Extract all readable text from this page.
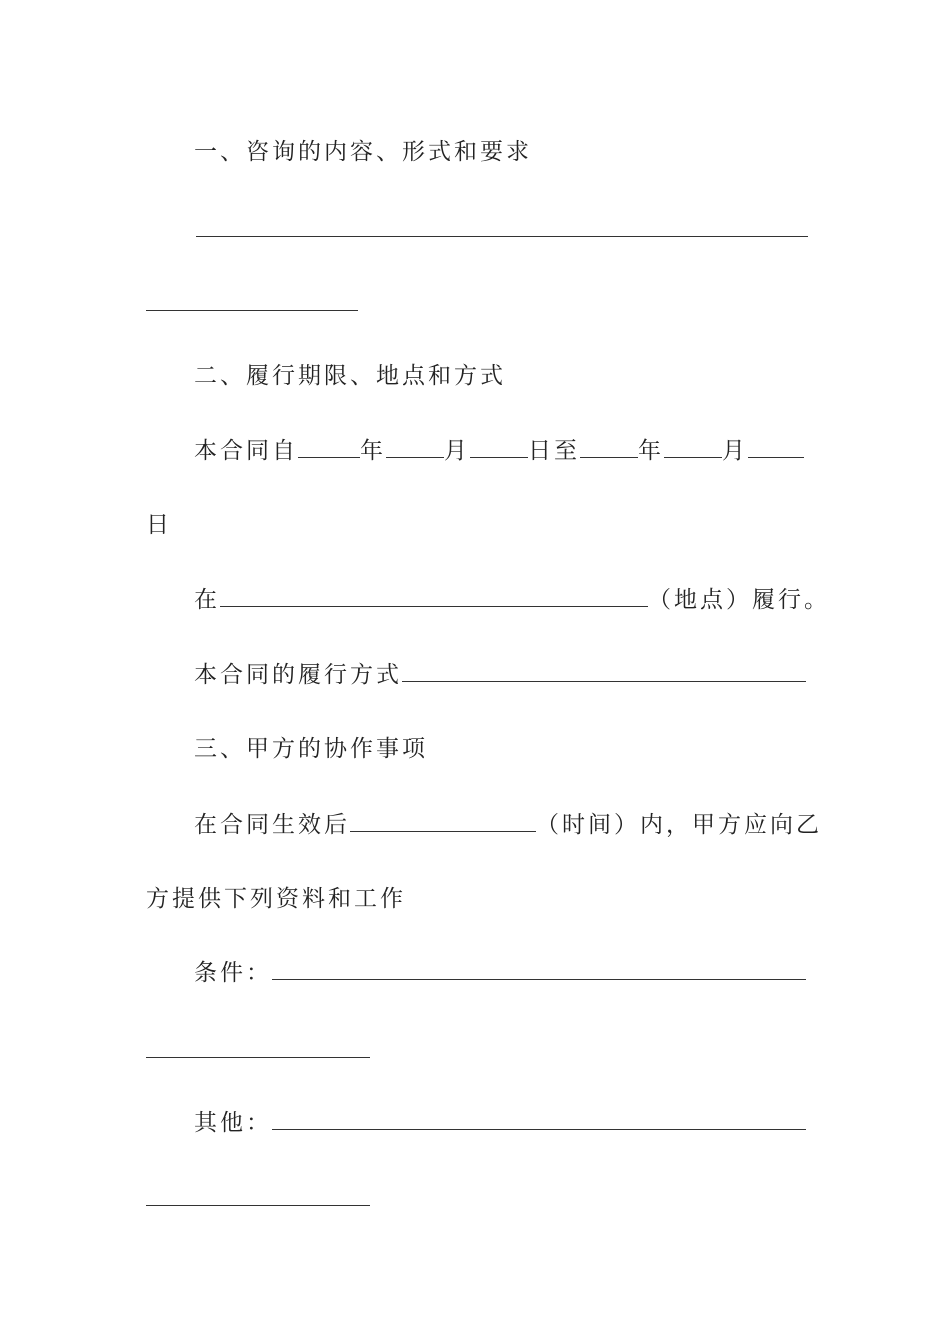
一、咨询的内容、形式和要求
二、履行期限、地点和方式
本合同自	年	月	日至	年	月
日
在	（地点）履行。
本合同的履行方式
三、甲方的协作事项
在合同生效后	（时间）内，甲方应向乙
方提供下列资料和工作
条件：
其他：
